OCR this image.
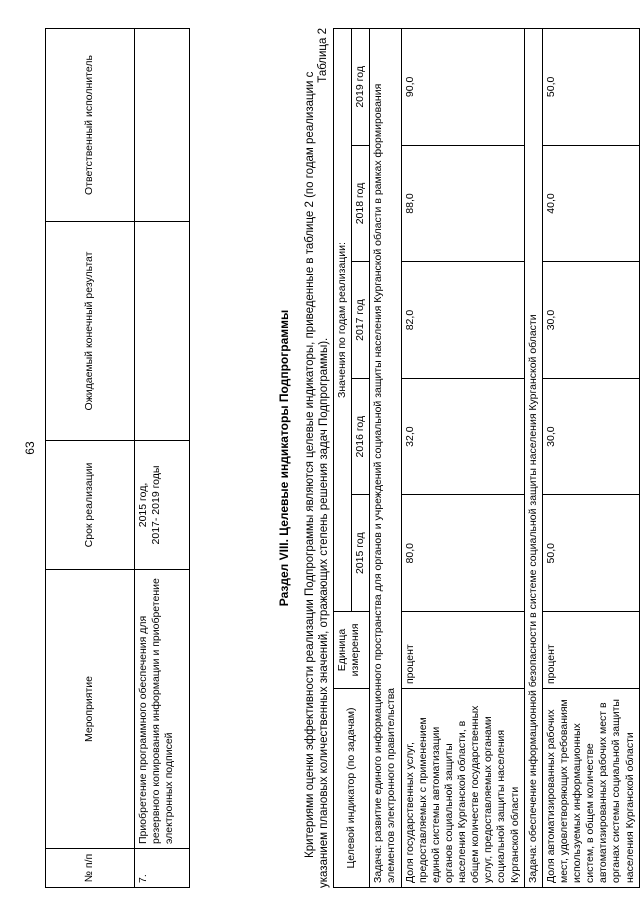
63
№ п/п	Мероприятие	Срок реализации	Ожидаемый конечный результат	Ответственный исполнитель
7.	Приобретение программного обеспечения для резервного копирования информации и приобретение электронных подписей	2015 год, 2017- 2019 годы		
			Раздел VIII. Целевые индикаторы Подпрограммы Критериями оценки эффективности реализации Подпрограммы являются целевые индикаторы, приведенные в таблице 2 (по годам реализации с указанием плановых количественных значений, отражающих степень решения задач Подпрограммы).

Таблица 2
Целевой индикатор (по задачам)	Единица измерения	Значения по годам реализации:				
		2015 год	2016 год	2017 год	2018 год	2019 год
Задача: развитие единого информационного пространства для органов и учреждений социальной защиты населения Курганской области в рамках формирования элементов электронного правительства						
Доля государственных услуг, предоставляемых с применением единой системы автоматизации органов социальной защиты населения Курганской области, в общем количестве государственных услуг, предоставляемых органами социальной защиты населения Курганской области	процент	80,0	32,0	82,0	88,0	90,0
Задача: обеспечение информационной безопасности в системе социальной защиты населения Курганской области						
Доля автоматизированных рабочих мест, удовлетворяющих требованиям используемых информационных систем, в общем количестве автоматизированных рабочих мест в органах системы социальной защиты населения Курганской области	процент	50,0	30,0	30,0	40,0	50,0
